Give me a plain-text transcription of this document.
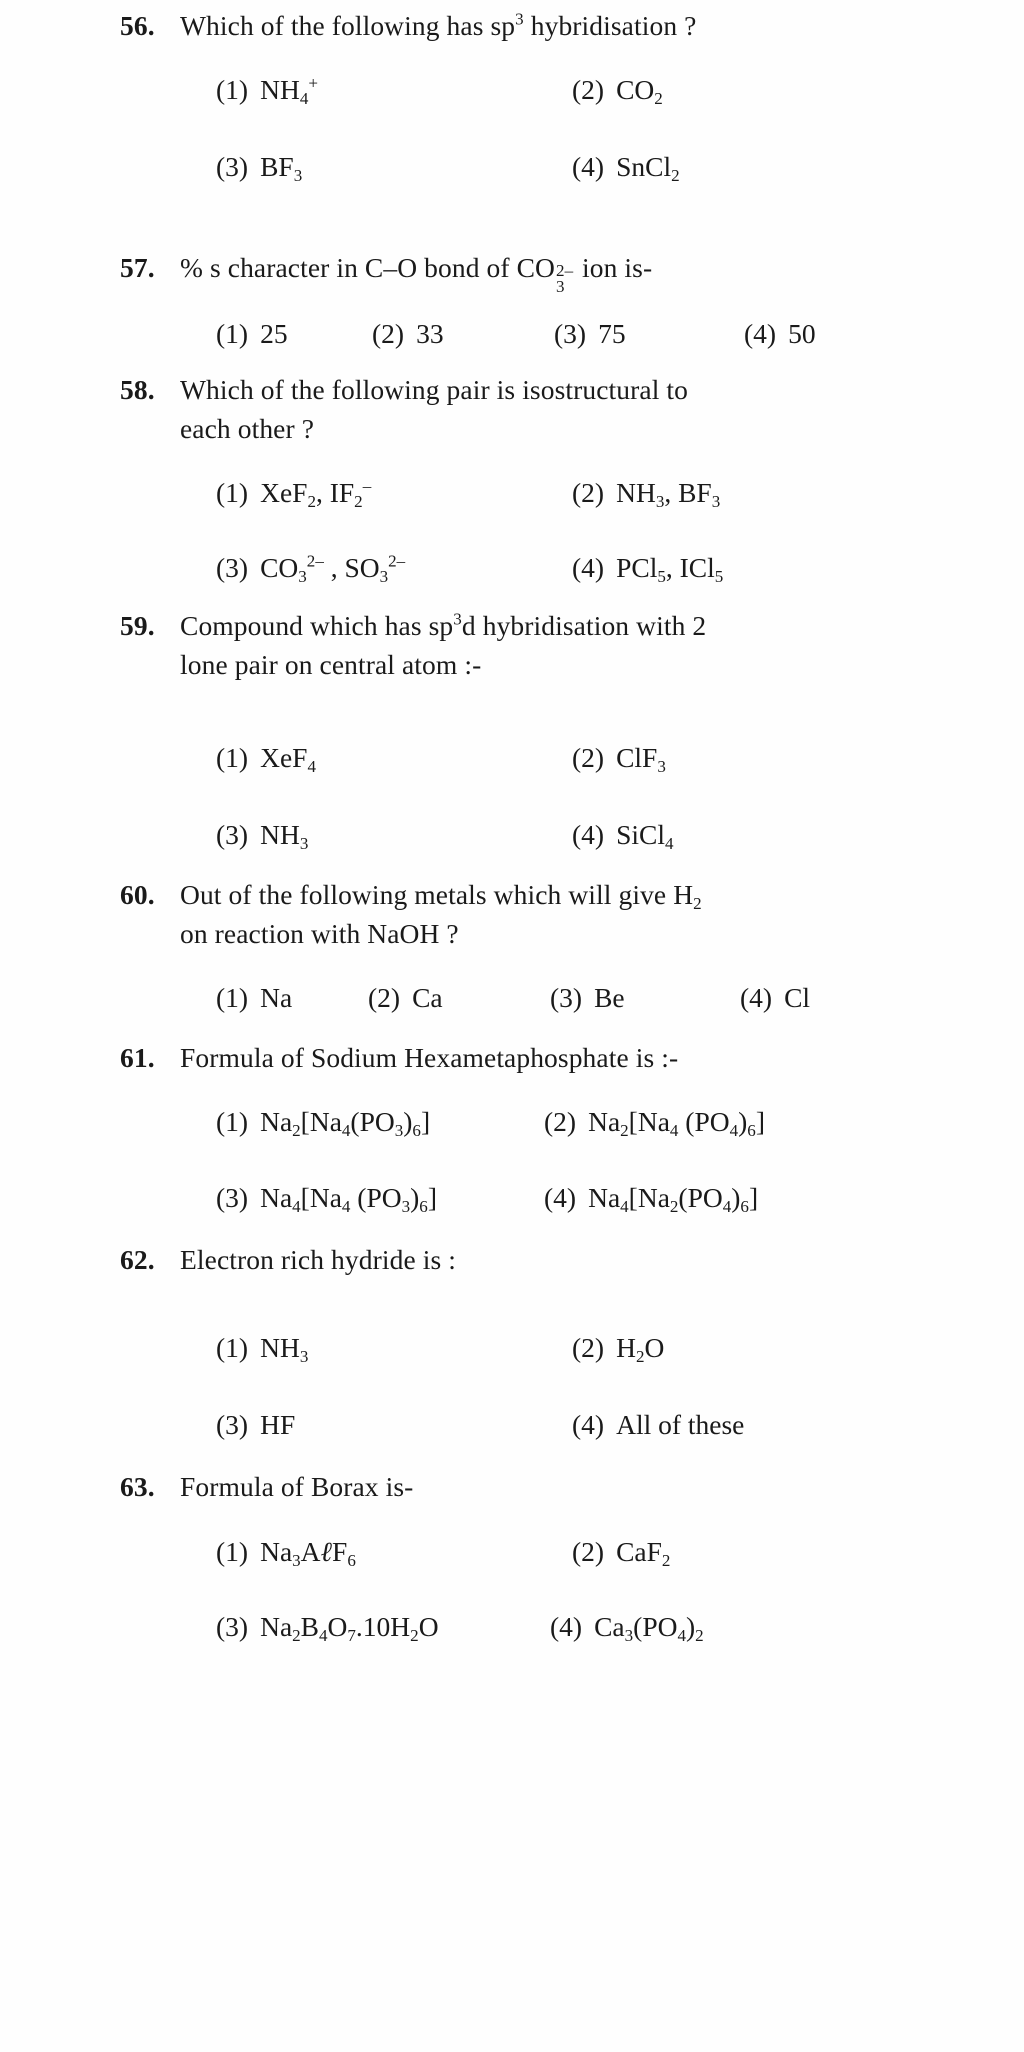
56. Which of the following has $sp^3$ hybridisation ?
(1) $NH_4^+$	(2) $CO_2$
(3) $BF_3$	(4) SnCl$_2$
57. % s character in C–O bond of CO 2–
3
ion is-
(1) 25	(2) 33	(3) 75	(4) 50
58. Which of the following pair is isostructural to
each other ?
(1) XeF$_2$, $IF_2^-$	(2) $NH_3$, $BF_3$
(3) $CO_3^{2-}$ , $SO_3^{2-}$	(4) PCl$_5$, ICl$_5$
59. Compound which has $sp^3d$ hybridisation with 2
lone pair on central atom :-
(1) XeF$_4$	(2) ClF$_3$
(3) $NH_3$	(4) SiCl$_4$
60. Out of the following metals which will give $H_2$
on reaction with NaOH ?
(1) Na	(2) Ca	(3) Be	(4) Cl
61. Formula of Sodium Hexametaphosphate is :-
(1) $Na_2[Na_4(PO_3)_6]$	(2) $Na_2[Na_4$ $(PO_4)_6$]
(3) $Na_4[Na_4$ $(PO_3)_6$]	(4) $Na_4[Na_2(PO_4)_6]$
62. Electron rich hydride is :
(1) $NH_3$	(2) $H_2O$
(3) HF	(4) All of these
63. Formula of Borax is-
(1) $Na_3A\ell F_6$	(2) CaF$_2$
(3) $Na_2B_4O_7.10H_2O$	(4) $Ca_3(PO_4)_2$
